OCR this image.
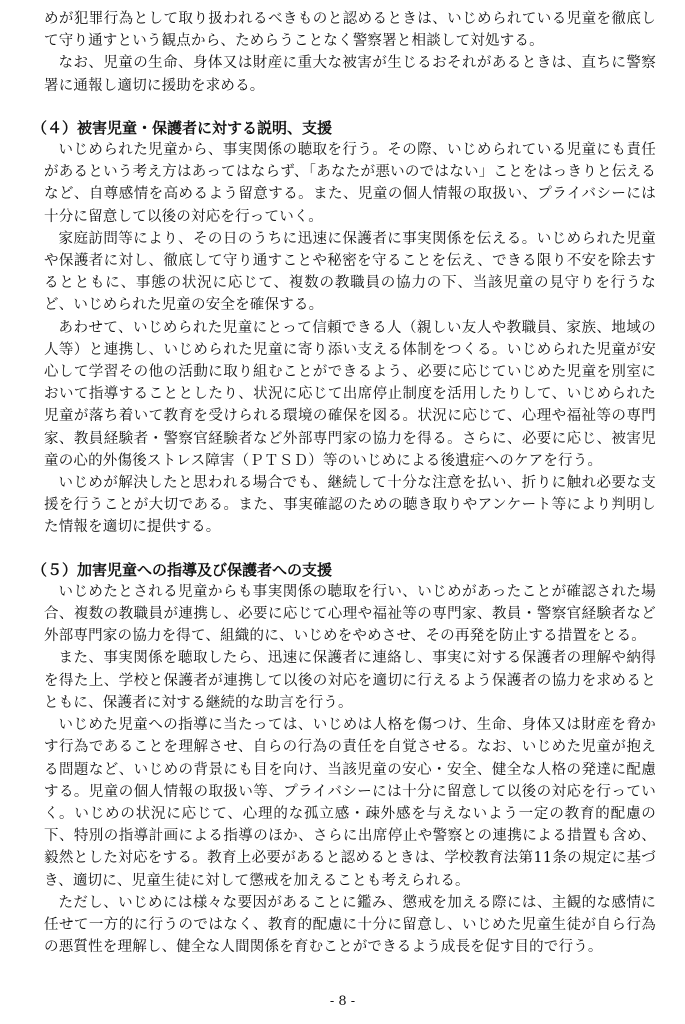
めが犯罪行為として取り扱われるべきものと認めるときは、いじめられている児童を徹底して守り通すという観点から、ためらうことなく警察署と相談して対処する。

なお、児童の生命、身体又は財産に重大な被害が生じるおそれがあるときは、直ちに警察署に通報し適切に援助を求める。

（４）被害児童・保護者に対する説明、支援

いじめられた児童から、事実関係の聴取を行う。その際、いじめられている児童にも責任があるという考え方はあってはならず、「あなたが悪いのではない」ことをはっきりと伝えるなど、自尊感情を高めるよう留意する。また、児童の個人情報の取扱い、プライバシーには十分に留意して以後の対応を行っていく。

家庭訪問等により、その日のうちに迅速に保護者に事実関係を伝える。いじめられた児童や保護者に対し、徹底して守り通すことや秘密を守ることを伝え、できる限り不安を除去するとともに、事態の状況に応じて、複数の教職員の協力の下、当該児童の見守りを行うなど、いじめられた児童の安全を確保する。

あわせて、いじめられた児童にとって信頼できる人（親しい友人や教職員、家族、地域の人等）と連携し、いじめられた児童に寄り添い支える体制をつくる。いじめられた児童が安心して学習その他の活動に取り組むことができるよう、必要に応じていじめた児童を別室において指導することとしたり、状況に応じて出席停止制度を活用したりして、いじめられた児童が落ち着いて教育を受けられる環境の確保を図る。状況に応じて、心理や福祉等の専門家、教員経験者・警察官経験者など外部専門家の協力を得る。さらに、必要に応じ、被害児童の心的外傷後ストレス障害（ＰＴＳＤ）等のいじめによる後遺症へのケアを行う。

いじめが解決したと思われる場合でも、継続して十分な注意を払い、折りに触れ必要な支援を行うことが大切である。また、事実確認のための聴き取りやアンケート等により判明した情報を適切に提供する。

（５）加害児童への指導及び保護者への支援

いじめたとされる児童からも事実関係の聴取を行い、いじめがあったことが確認された場合、複数の教職員が連携し、必要に応じて心理や福祉等の専門家、教員・警察官経験者など外部専門家の協力を得て、組織的に、いじめをやめさせ、その再発を防止する措置をとる。

また、事実関係を聴取したら、迅速に保護者に連絡し、事実に対する保護者の理解や納得を得た上、学校と保護者が連携して以後の対応を適切に行えるよう保護者の協力を求めるとともに、保護者に対する継続的な助言を行う。

いじめた児童への指導に当たっては、いじめは人格を傷つけ、生命、身体又は財産を脅かす行為であることを理解させ、自らの行為の責任を自覚させる。なお、いじめた児童が抱える問題など、いじめの背景にも目を向け、当該児童の安心・安全、健全な人格の発達に配慮する。児童の個人情報の取扱い等、プライバシーには十分に留意して以後の対応を行っていく。いじめの状況に応じて、心理的な孤立感・疎外感を与えないよう一定の教育的配慮の下、特別の指導計画による指導のほか、さらに出席停止や警察との連携による措置も含め、毅然とした対応をする。教育上必要があると認めるときは、学校教育法第11条の規定に基づき、適切に、児童生徒に対して懲戒を加えることも考えられる。

ただし、いじめには様々な要因があることに鑑み、懲戒を加える際には、主観的な感情に任せて一方的に行うのではなく、教育的配慮に十分に留意し、いじめた児童生徒が自ら行為の悪質性を理解し、健全な人間関係を育むことができるよう成長を促す目的で行う。

- 8 -
